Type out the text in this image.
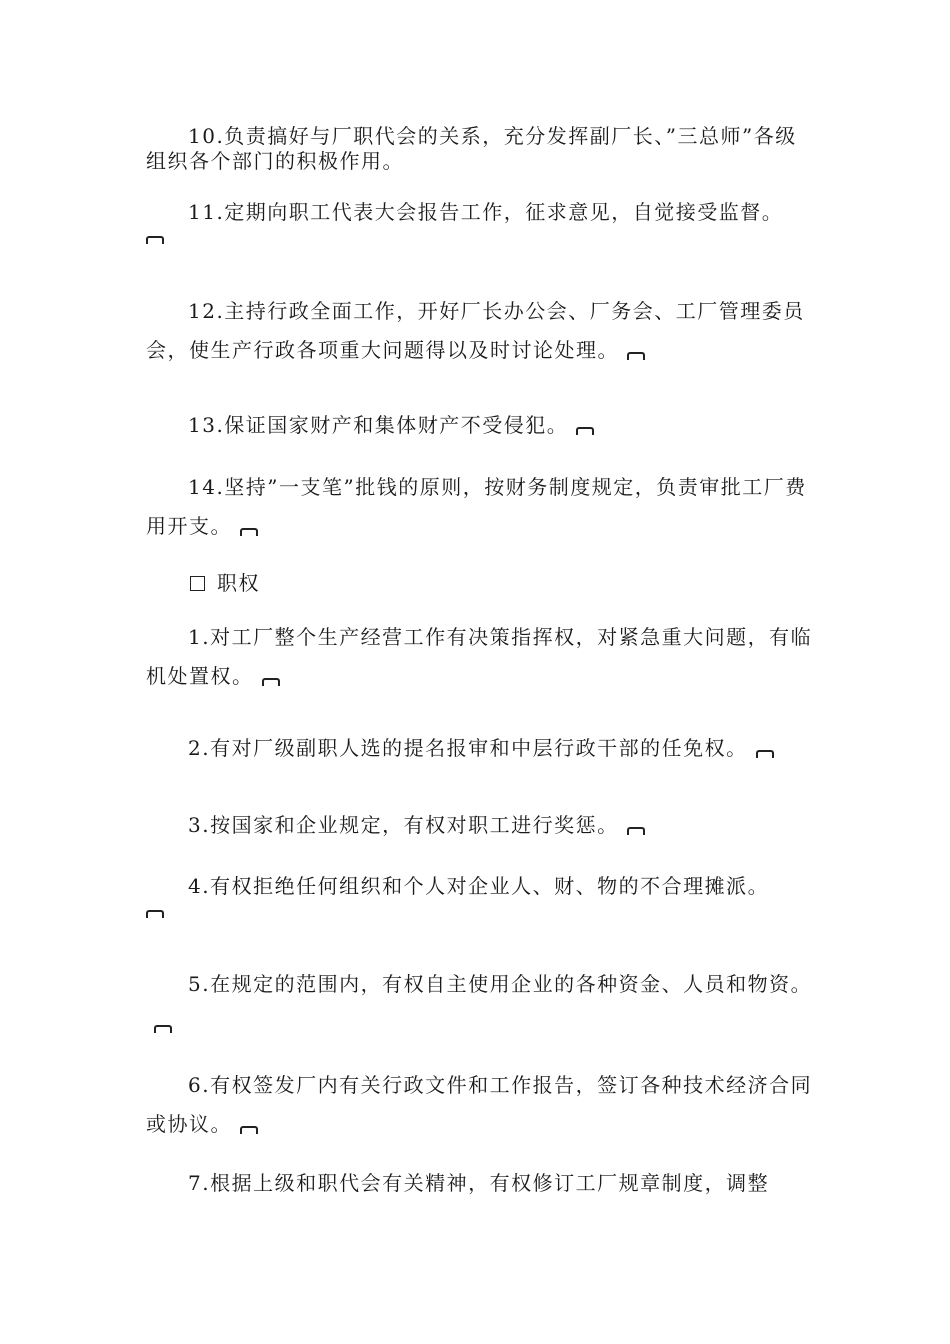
10.负责搞好与厂职代会的关系，充分发挥副厂长、”三总师”各级组织各个部门的积极作用。

11.定期向职工代表大会报告工作，征求意见，自觉接受监督。

12.主持行政全面工作，开好厂长办公会、厂务会、工厂管理委员会，使生产行政各项重大问题得以及时讨论处理。

13.保证国家财产和集体财产不受侵犯。

14.坚持”一支笔”批钱的原则，按财务制度规定，负责审批工厂费用开支。

职权

1.对工厂整个生产经营工作有决策指挥权，对紧急重大问题，有临机处置权。

2.有对厂级副职人选的提名报审和中层行政干部的任免权。

3.按国家和企业规定，有权对职工进行奖惩。

4.有权拒绝任何组织和个人对企业人、财、物的不合理摊派。

5.在规定的范围内，有权自主使用企业的各种资金、人员和物资。

6.有权签发厂内有关行政文件和工作报告，签订各种技术经济合同或协议。

7.根据上级和职代会有关精神，有权修订工厂规章制度，调整
